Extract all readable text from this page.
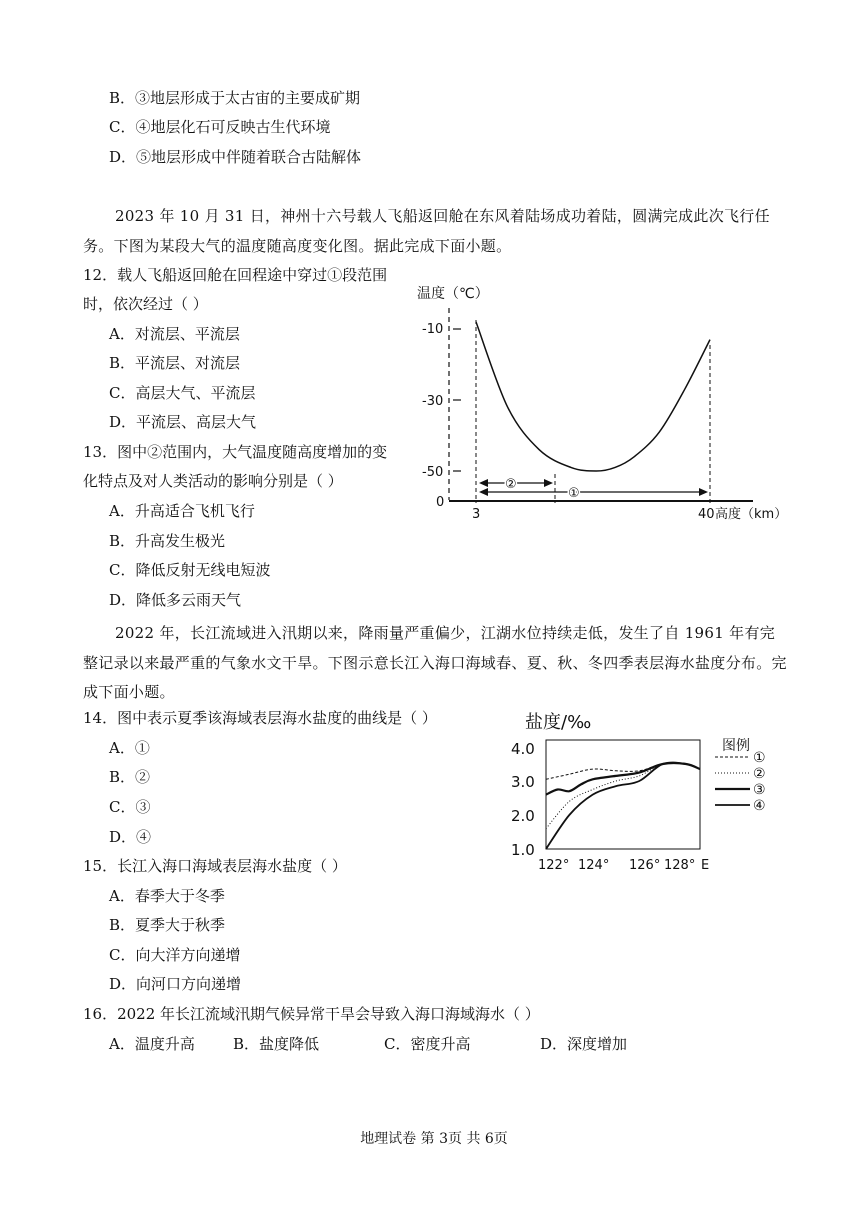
B．③地层形成于太古宙的主要成矿期
C．④地层化石可反映古生代环境
D．⑤地层形成中伴随着联合古陆解体
2023 年 10 月 31 日，神州十六号载人飞船返回舱在东风着陆场成功着陆，圆满完成此次飞行任务。下图为某段大气的温度随高度变化图。据此完成下面小题。
12．载人飞船返回舱在回程途中穿过①段范围
时，依次经过（ ）
A．对流层、平流层
B．平流层、对流层
C．高层大气、平流层
D．平流层、高层大气
13．图中②范围内，大气温度随高度增加的变
化特点及对人类活动的影响分别是（ ）
A．升高适合飞机飞行
B．升高发生极光
C．降低反射无线电短波
D．降低多云雨天气
温度（℃）
-10
-30
-50
0
②
①
3	40 高度（km）
2022 年，长江流域进入汛期以来，降雨量严重偏少，江湖水位持续走低，发生了自 1961 年有完整记录以来最严重的气象水文干旱。下图示意长江入海口海域春、夏、秋、冬四季表层海水盐度分布。完成下面小题。
14．图中表示夏季该海域表层海水盐度的曲线是（ ）
A．①
B．②
C．③
D．④
盐度/‰
4.0
3.0
2.0
1.0
122° 124° 126° 128° E
图例
①
②
③
④
15．长江入海口海域表层海水盐度（ ）
A．春季大于冬季
B．夏季大于秋季
C．向大洋方向递增
D．向河口方向递增
16．2022 年长江流域汛期气候异常干旱会导致入海口海域海水（ ）
A．温度升高	B．盐度降低	C．密度升高	D．深度增加
地理试卷 第 3页 共 6页
